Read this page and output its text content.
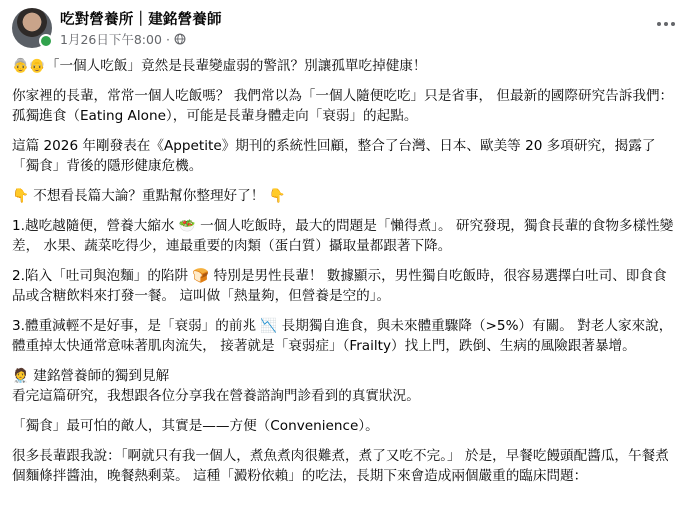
吃對營養所｜建銘營養師
1月26日下午8:00 ·

👵👴「一個人吃飯」竟然是長輩變虛弱的警訊？別讓孤單吃掉健康！

你家裡的長輩，常常一個人吃飯嗎？ 我們常以為「一個人隨便吃吃」只是省事， 但最新的國際研究告訴我們：孤獨進食（Eating Alone），可能是長輩身體走向「衰弱」的起點。

這篇 2026 年剛發表在《Appetite》期刊的系統性回顧，整合了台灣、日本、歐美等 20 多項研究，揭露了「獨食」背後的隱形健康危機。

👇 不想看長篇大論？重點幫你整理好了！ 👇

1.越吃越隨便，營養大縮水 🥗 一個人吃飯時，最大的問題是「懶得煮」。 研究發現，獨食長輩的食物多樣性變差， 水果、蔬菜吃得少，連最重要的肉類（蛋白質）攝取量都跟著下降。

2.陷入「吐司與泡麵」的陷阱 🍞 特別是男性長輩！ 數據顯示，男性獨自吃飯時，很容易選擇白吐司、即食食品或含糖飲料來打發一餐。 這叫做「熱量夠，但營養是空的」。

3.體重減輕不是好事，是「衰弱」的前兆 📉 長期獨自進食，與未來體重驟降（>5%）有關。 對老人家來說，體重掉太快通常意味著肌肉流失， 接著就是「衰弱症」（Frailty）找上門，跌倒、生病的風險跟著暴增。

🧑‍⚕️ 建銘營養師的獨到見解

看完這篇研究，我想跟各位分享我在營養諮詢門診看到的真實狀況。

「獨食」最可怕的敵人，其實是——方便（Convenience）。

很多長輩跟我說：「啊就只有我一個人，煮魚煮肉很難煮，煮了又吃不完。」 於是，早餐吃饅頭配醬瓜，午餐煮個麵條拌醬油，晚餐熱剩菜。 這種「澱粉依賴」的吃法，長期下來會造成兩個嚴重的臨床問題：
